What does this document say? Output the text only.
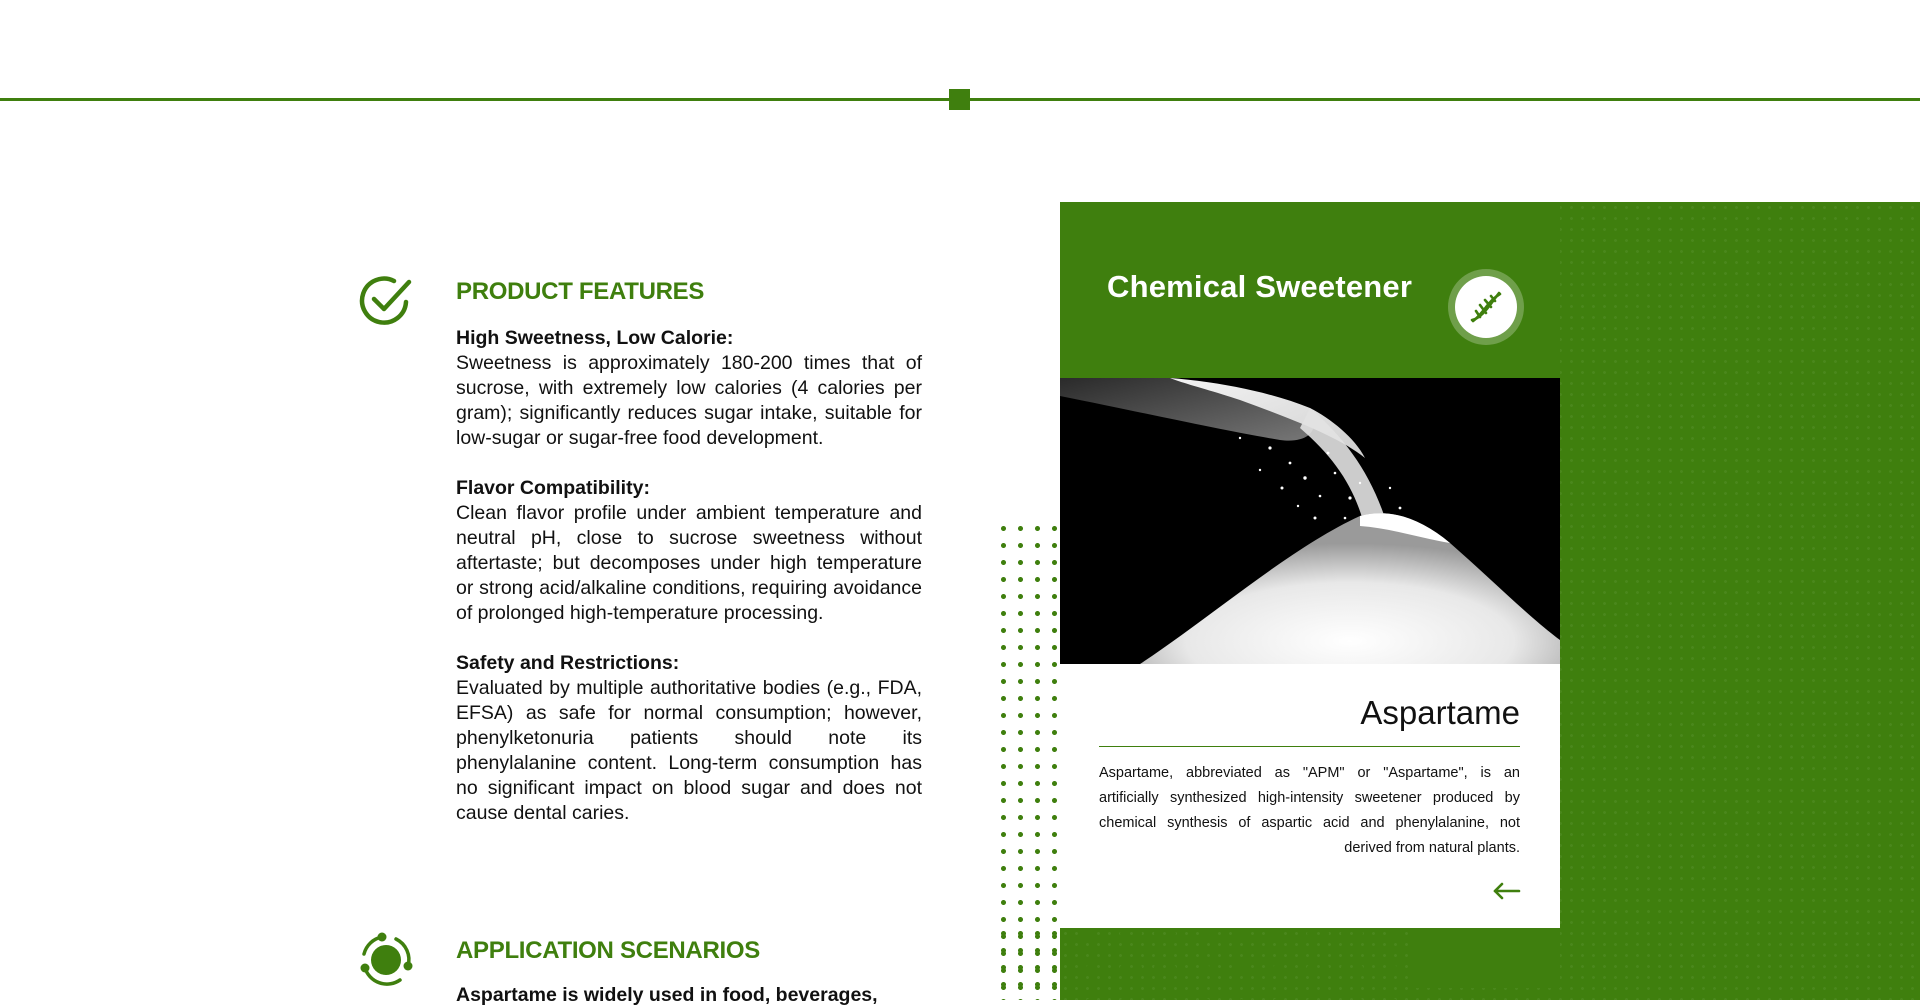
Chemical Sweetener
Aspartame

Aspartame, abbreviated as "APM" or "Aspartame", is an artificially synthesized high-intensity sweetener produced by chemical synthesis of aspartic acid and phenylalanine, not derived from natural plants.

PRODUCT FEATURES
High Sweetness, Low Calorie:
Sweetness is approximately 180-200 times that of sucrose, with extremely low calories (4 calories per gram); significantly reduces sugar intake, suitable for low-sugar or sugar-free food development.
Flavor Compatibility:
Clean flavor profile under ambient temperature and neutral pH, close to sucrose sweetness without aftertaste; but decomposes under high temperature or strong acid/alkaline conditions, requiring avoidance of prolonged high-temperature processing.
Safety and Restrictions:
Evaluated by multiple authoritative bodies (e.g., FDA, EFSA) as safe for normal consumption; however, phenylketonuria patients should note its phenylalanine content. Long-term consumption has no significant impact on blood sugar and does not cause dental caries.
APPLICATION SCENARIOS

Aspartame is widely used in food, beverages,
